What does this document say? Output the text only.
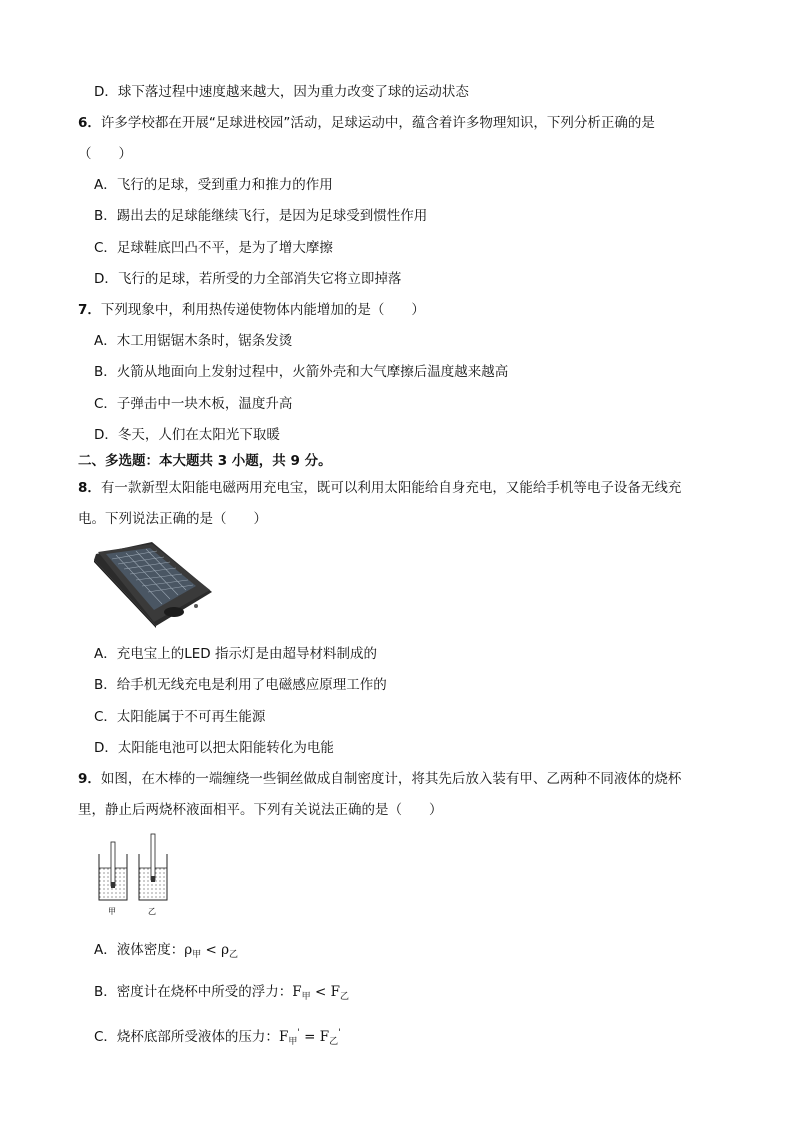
D．球下落过程中速度越来越大，因为重力改变了球的运动状态
6．许多学校都在开展“足球进校园”活动，足球运动中，蕴含着许多物理知识，下列分析正确的是
（　　）
A．飞行的足球，受到重力和推力的作用
B．踢出去的足球能继续飞行，是因为足球受到惯性作用
C．足球鞋底凹凸不平，是为了增大摩擦
D．飞行的足球，若所受的力全部消失它将立即掉落
7．下列现象中，利用热传递使物体内能增加的是（　　）
A．木工用锯锯木条时，锯条发烫
B．火箭从地面向上发射过程中，火箭外壳和大气摩擦后温度越来越高
C．子弹击中一块木板，温度升高
D．冬天，人们在太阳光下取暖
二、多选题：本大题共 3 小题，共 9 分。
8．有一款新型太阳能电磁两用充电宝，既可以利用太阳能给自身充电，又能给手机等电子设备无线充
电。下列说法正确的是（　　）
A．充电宝上的LED 指示灯是由超导材料制成的
B．给手机无线充电是利用了电磁感应原理工作的
C．太阳能属于不可再生能源
D．太阳能电池可以把太阳能转化为电能
9．如图，在木棒的一端缠绕一些铜丝做成自制密度计，将其先后放入装有甲、乙两种不同液体的烧杯
里，静止后两烧杯液面相平。下列有关说法正确的是（　　）
甲	乙
A．液体密度：$\rho_甲 < \rho_乙$
B．密度计在烧杯中所受的浮力：$F_甲 < F_乙$
C．烧杯底部所受液体的压力：$F_甲' = F_乙'$
